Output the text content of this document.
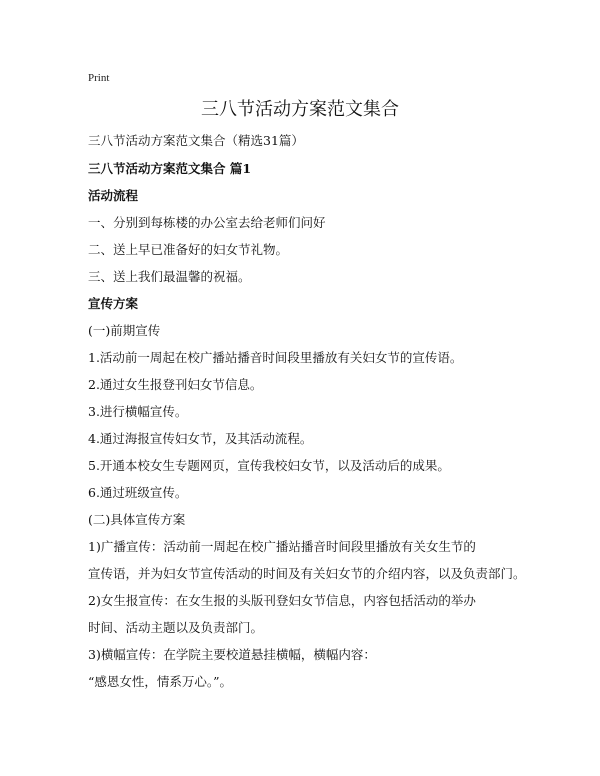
Print
三八节活动方案范文集合
三八节活动方案范文集合（精选31篇）
三八节活动方案范文集合 篇1
活动流程
一、分别到每栋楼的办公室去给老师们问好
二、送上早已准备好的妇女节礼物。
三、送上我们最温馨的祝福。
宣传方案
(一)前期宣传
1.活动前一周起在校广播站播音时间段里播放有关妇女节的宣传语。
2.通过女生报登刊妇女节信息。
3.进行横幅宣传。
4.通过海报宣传妇女节，及其活动流程。
5.开通本校女生专题网页，宣传我校妇女节，以及活动后的成果。
6.通过班级宣传。
(二)具体宣传方案
1)广播宣传：活动前一周起在校广播站播音时间段里播放有关女生节的
宣传语，并为妇女节宣传活动的时间及有关妇女节的介绍内容，以及负责部门。
2)女生报宣传：在女生报的头版刊登妇女节信息，内容包括活动的举办
时间、活动主题以及负责部门。
3)横幅宣传：在学院主要校道悬挂横幅，横幅内容：
“感恩女性，情系万心。”。
